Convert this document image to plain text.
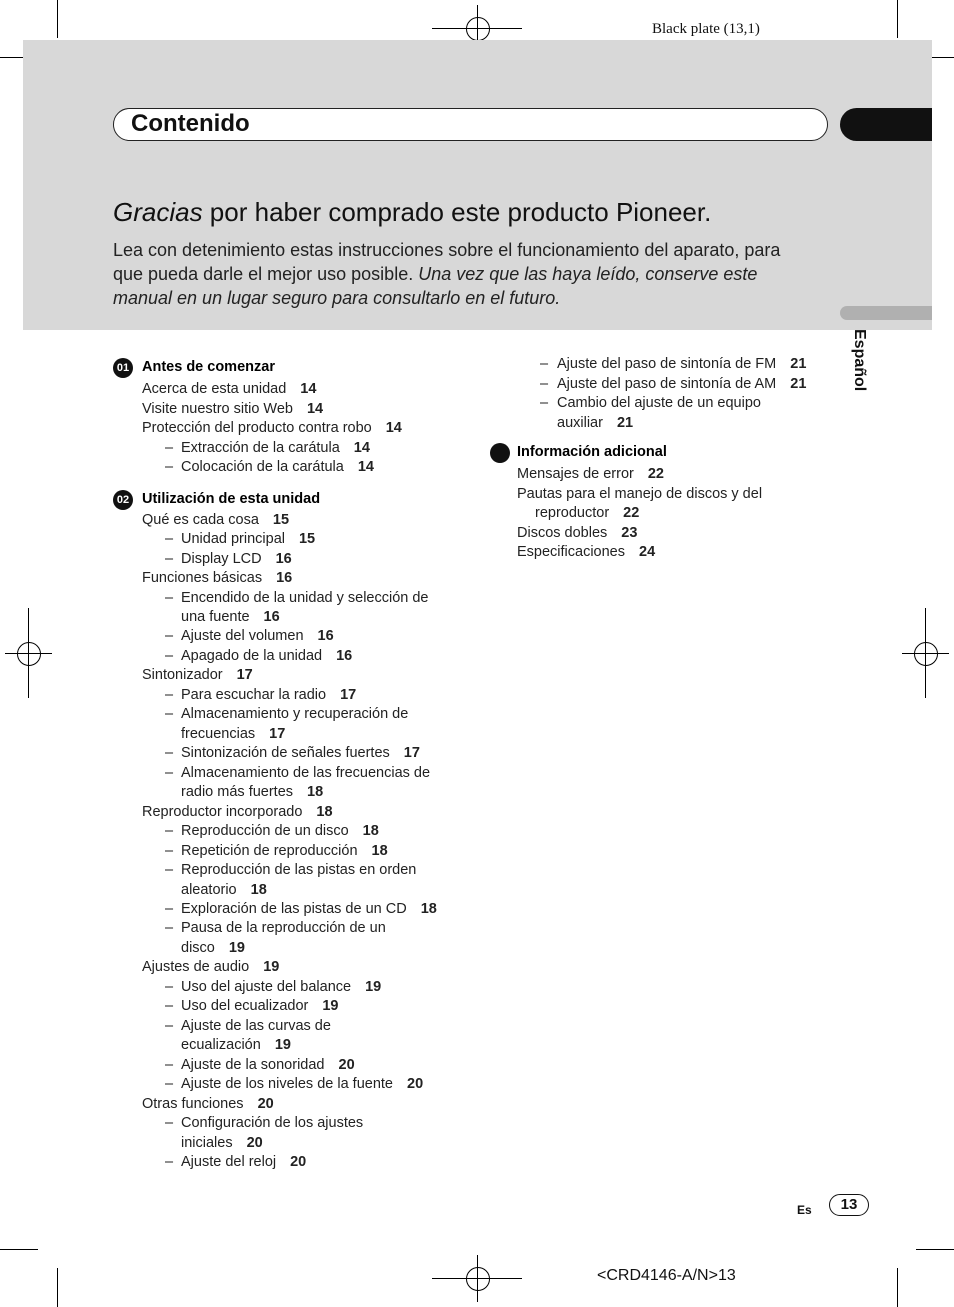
Black plate (13,1)
Contenido
Gracias por haber comprado este producto Pioneer.
Lea con detenimiento estas instrucciones sobre el funcionamiento del aparato, para que pueda darle el mejor uso posible. Una vez que las haya leído, conserve este manual en un lugar seguro para consultarlo en el futuro.
Español
01 Antes de comenzar
02 Utilización de esta unidad
Información adicional
Acerca de esta unidad 14
Visite nuestro sitio Web 14
Protección del producto contra robo 14
– Extracción de la carátula 14
– Colocación de la carátula 14
Qué es cada cosa 15
– Unidad principal 15
– Display LCD 16
Funciones básicas 16
– Encendido de la unidad y selección de
una fuente 16
– Ajuste del volumen 16
– Apagado de la unidad 16
Sintonizador 17
– Para escuchar la radio 17
– Almacenamiento y recuperación de
frecuencias 17
– Sintonización de señales fuertes 17
– Almacenamiento de las frecuencias de
radio más fuertes 18
Reproductor incorporado 18
– Reproducción de un disco 18
– Repetición de reproducción 18
– Reproducción de las pistas en orden
aleatorio 18
– Exploración de las pistas de un CD 18
– Pausa de la reproducción de un
disco 19
Ajustes de audio 19
– Uso del ajuste del balance 19
– Uso del ecualizador 19
– Ajuste de las curvas de
ecualización 19
– Ajuste de la sonoridad 20
– Ajuste de los niveles de la fuente 20
Otras funciones 20
– Configuración de los ajustes
iniciales 20
– Ajuste del reloj 20
– Ajuste del paso de sintonía de FM 21
– Ajuste del paso de sintonía de AM 21
– Cambio del ajuste de un equipo
auxiliar 21
Mensajes de error 22
Pautas para el manejo de discos y del
reproductor 22
Discos dobles 23
Especificaciones 24
Es	13
<CRD4146-A/N>13
